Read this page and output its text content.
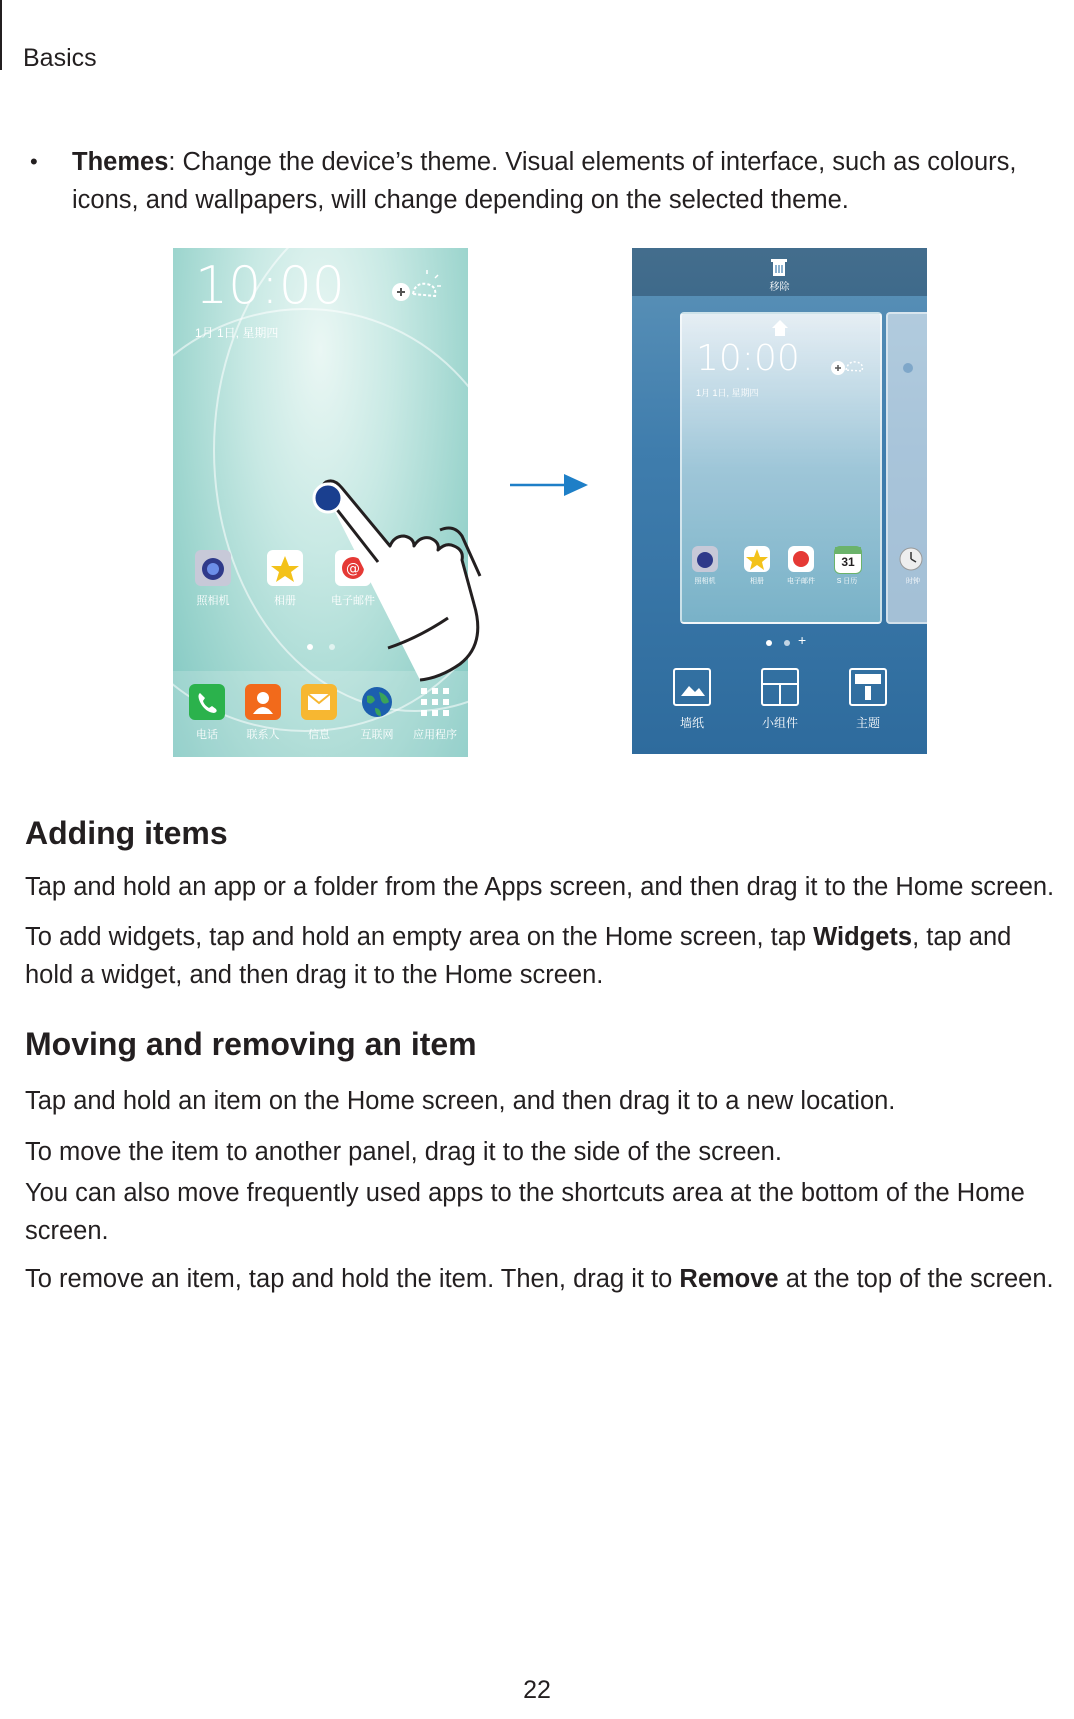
Basics
• Themes: Change the device’s theme. Visual elements of interface, such as colours, icons, and wallpapers, will change depending on the selected theme.
10:00
1月 1日, 星期四
照相机	相册
@
电子邮件
电话	联系人	信息	互联网	应用程序
移除
10:00
1月 1日, 星期四
照相机	相册	电子邮件
31
S 日历	时钟
+
墙纸	小组件	主题
Adding items
Tap and hold an app or a folder from the Apps screen, and then drag it to the Home screen.
To add widgets, tap and hold an empty area on the Home screen, tap Widgets, tap and hold a widget, and then drag it to the Home screen.
Moving and removing an item
Tap and hold an item on the Home screen, and then drag it to a new location.
To move the item to another panel, drag it to the side of the screen.
You can also move frequently used apps to the shortcuts area at the bottom of the Home screen.
To remove an item, tap and hold the item. Then, drag it to Remove at the top of the screen.
22
